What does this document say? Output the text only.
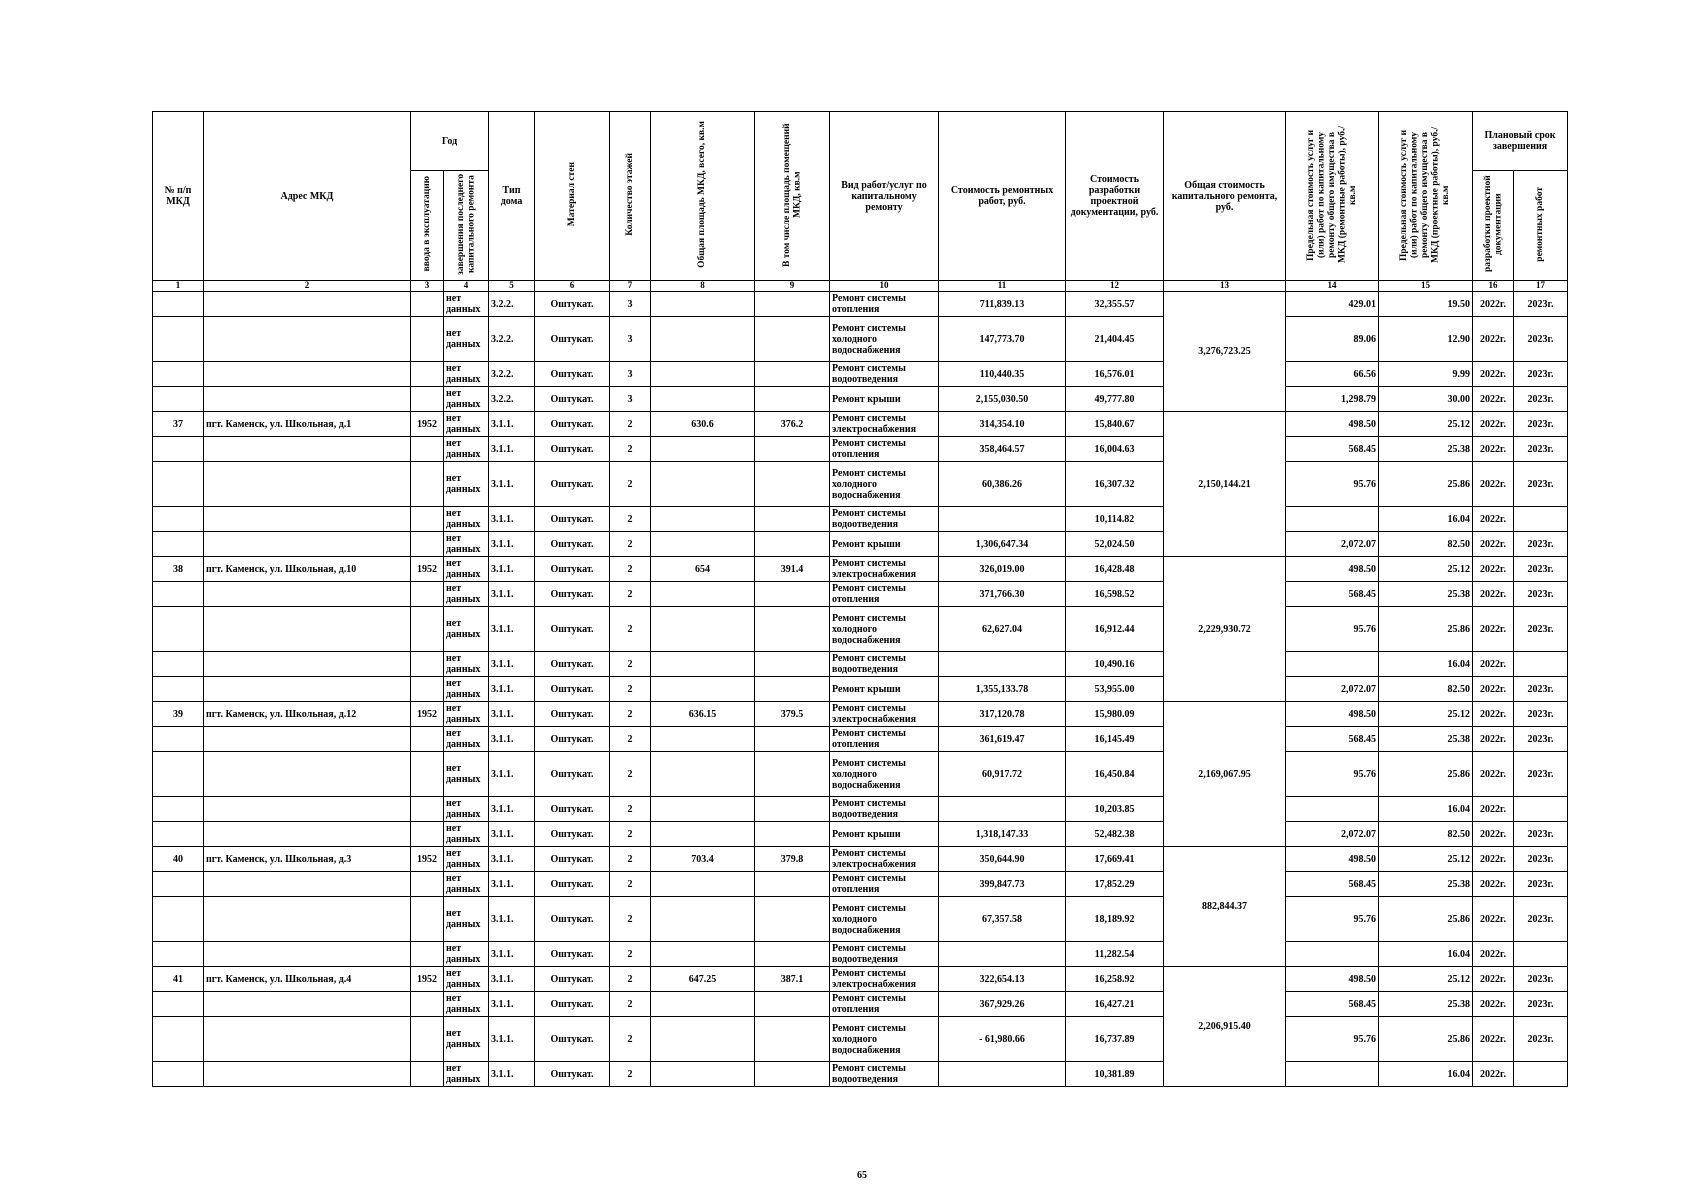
№ п/п МКД	Адрес МКД	Год		Тип дома	Материал стен	Количество этажей	Общая площадь МКД, всего, кв.м	В том числе площадь помещений МКД, кв.м	Вид работ/услуг по капитальному ремонту	Стоимость ремонтных работ, руб.	Стоимость разработки проектной документации, руб.	Общая стоимость капитального ремонта, руб.	Предельная стоимость услуг и (или) работ по капитальному ремонту общего имущества в МКД (ремонтные работы), руб./кв.м	Предельная стоимость услуг и (или) работ по капитальному ремонту общего имущества в МКД (проектные работы), руб./кв.м	Плановый срок завершения	
		ввода в эксплуатацию	завершения последнего капитального ремонта												разработки проектной документации	ремонтных работ
1	2	3	4	5	6	7	8	9	10	11	12	13	14	15	16	17
			нет данных	3.2.2.	Оштукат.	3			Ремонт системы отопления	711,839.13	32,355.57	3,276,723.25	429.01	19.50	2022г.	2023г.
			нет данных	3.2.2.	Оштукат.	3			Ремонт системы холодного водоснабжения	147,773.70	21,404.45		89.06	12.90	2022г.	2023г.
			нет данных	3.2.2.	Оштукат.	3			Ремонт системы водоотведения	110,440.35	16,576.01		66.56	9.99	2022г.	2023г.
			нет данных	3.2.2.	Оштукат.	3			Ремонт крыши	2,155,030.50	49,777.80		1,298.79	30.00	2022г.	2023г.
37	пгт. Каменск, ул. Школьная, д.1	1952	нет данных	3.1.1.	Оштукат.	2	630.6	376.2	Ремонт системы электроснабжения	314,354.10	15,840.67	2,150,144.21	498.50	25.12	2022г.	2023г.
			нет данных	3.1.1.	Оштукат.	2			Ремонт системы отопления	358,464.57	16,004.63		568.45	25.38	2022г.	2023г.
			нет данных	3.1.1.	Оштукат.	2			Ремонт системы холодного водоснабжения	60,386.26	16,307.32		95.76	25.86	2022г.	2023г.
			нет данных	3.1.1.	Оштукат.	2			Ремонт системы водоотведения		10,114.82			16.04	2022г.	
			нет данных	3.1.1.	Оштукат.	2			Ремонт крыши	1,306,647.34	52,024.50		2,072.07	82.50	2022г.	2023г.
38	пгт. Каменск, ул. Школьная, д.10	1952	нет данных	3.1.1.	Оштукат.	2	654	391.4	Ремонт системы электроснабжения	326,019.00	16,428.48	2,229,930.72	498.50	25.12	2022г.	2023г.
			нет данных	3.1.1.	Оштукат.	2			Ремонт системы отопления	371,766.30	16,598.52		568.45	25.38	2022г.	2023г.
			нет данных	3.1.1.	Оштукат.	2			Ремонт системы холодного водоснабжения	62,627.04	16,912.44		95.76	25.86	2022г.	2023г.
			нет данных	3.1.1.	Оштукат.	2			Ремонт системы водоотведения		10,490.16			16.04	2022г.	
			нет данных	3.1.1.	Оштукат.	2			Ремонт крыши	1,355,133.78	53,955.00		2,072.07	82.50	2022г.	2023г.
39	пгт. Каменск, ул. Школьная, д.12	1952	нет данных	3.1.1.	Оштукат.	2	636.15	379.5	Ремонт системы электроснабжения	317,120.78	15,980.09	2,169,067.95	498.50	25.12	2022г.	2023г.
			нет данных	3.1.1.	Оштукат.	2			Ремонт системы отопления	361,619.47	16,145.49		568.45	25.38	2022г.	2023г.
			нет данных	3.1.1.	Оштукат.	2			Ремонт системы холодного водоснабжения	60,917.72	16,450.84		95.76	25.86	2022г.	2023г.
			нет данных	3.1.1.	Оштукат.	2			Ремонт системы водоотведения		10,203.85			16.04	2022г.	
			нет данных	3.1.1.	Оштукат.	2			Ремонт крыши	1,318,147.33	52,482.38		2,072.07	82.50	2022г.	2023г.
40	пгт. Каменск, ул. Школьная, д.3	1952	нет данных	3.1.1.	Оштукат.	2	703.4	379.8	Ремонт системы электроснабжения	350,644.90	17,669.41	882,844.37	498.50	25.12	2022г.	2023г.
			нет данных	3.1.1.	Оштукат.	2			Ремонт системы отопления	399,847.73	17,852.29		568.45	25.38	2022г.	2023г.
			нет данных	3.1.1.	Оштукат.	2			Ремонт системы холодного водоснабжения	67,357.58	18,189.92		95.76	25.86	2022г.	2023г.
			нет данных	3.1.1.	Оштукат.	2			Ремонт системы водоотведения		11,282.54			16.04	2022г.	
41	пгт. Каменск, ул. Школьная, д.4	1952	нет данных	3.1.1.	Оштукат.	2	647.25	387.1	Ремонт системы электроснабжения	322,654.13	16,258.92	2,206,915.40	498.50	25.12	2022г.	2023г.
			нет данных	3.1.1.	Оштукат.	2			Ремонт системы отопления	367,929.26	16,427.21		568.45	25.38	2022г.	2023г.
			нет данных	3.1.1.	Оштукат.	2			Ремонт системы холодного водоснабжения	- 61,980.66	16,737.89		95.76	25.86	2022г.	2023г.
			нет данных	3.1.1.	Оштукат.	2			Ремонт системы водоотведения		10,381.89			16.04	2022г.	
65
